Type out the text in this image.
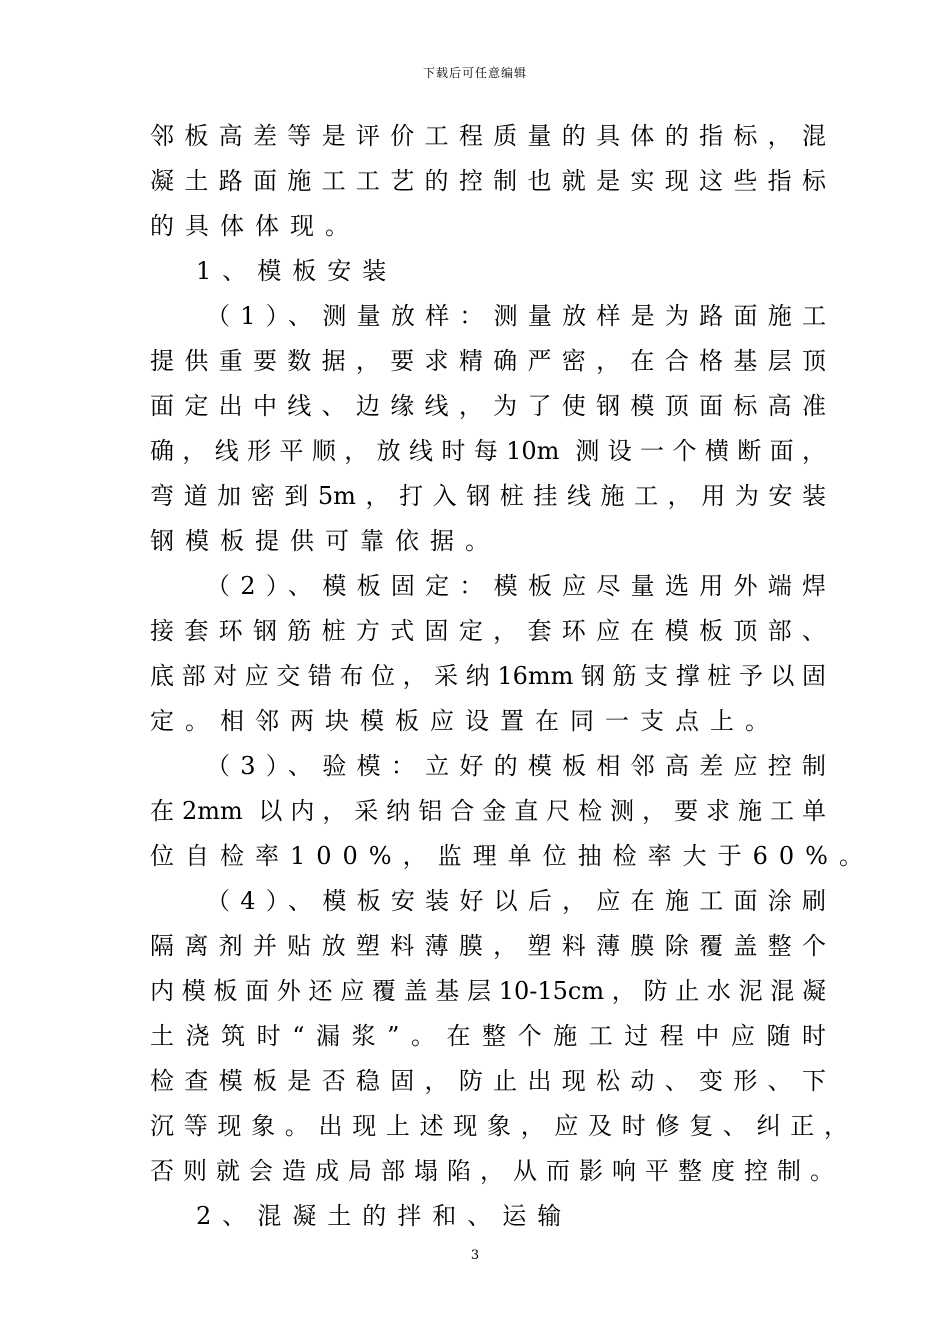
下载后可任意编辑
邻板高差等是评价工程质量的具体的指标，混
凝土路面施工工艺的控制也就是实现这些指标
的具体体现。
1、模板安装
（1）、测量放样：测量放样是为路面施工
提供重要数据，要求精确严密，在合格基层顶
面定出中线、边缘线，为了使钢模顶面标高准
确，线形平顺，放线时每10m 测设一个横断面，
弯道加密到5m，打入钢桩挂线施工，用为安装
钢模板提供可靠依据。
（2）、模板固定：模板应尽量选用外端焊
接套环钢筋桩方式固定，套环应在模板顶部、
底部对应交错布位，采纳16mm钢筋支撑桩予以固
定。相邻两块模板应设置在同一支点上。
（3）、验模：立好的模板相邻高差应控制
在2mm 以内，采纳铝合金直尺检测，要求施工单
位自检率100%，监理单位抽检率大于60%。
（4）、模板安装好以后，应在施工面涂刷
隔离剂并贴放塑料薄膜，塑料薄膜除覆盖整个
内模板面外还应覆盖基层10-15cm，防止水泥混凝
土浇筑时“漏浆”。在整个施工过程中应随时
检查模板是否稳固，防止出现松动、变形、下
沉等现象。出现上述现象，应及时修复、纠正，
否则就会造成局部塌陷，从而影响平整度控制。
2、混凝土的拌和、运输
3
